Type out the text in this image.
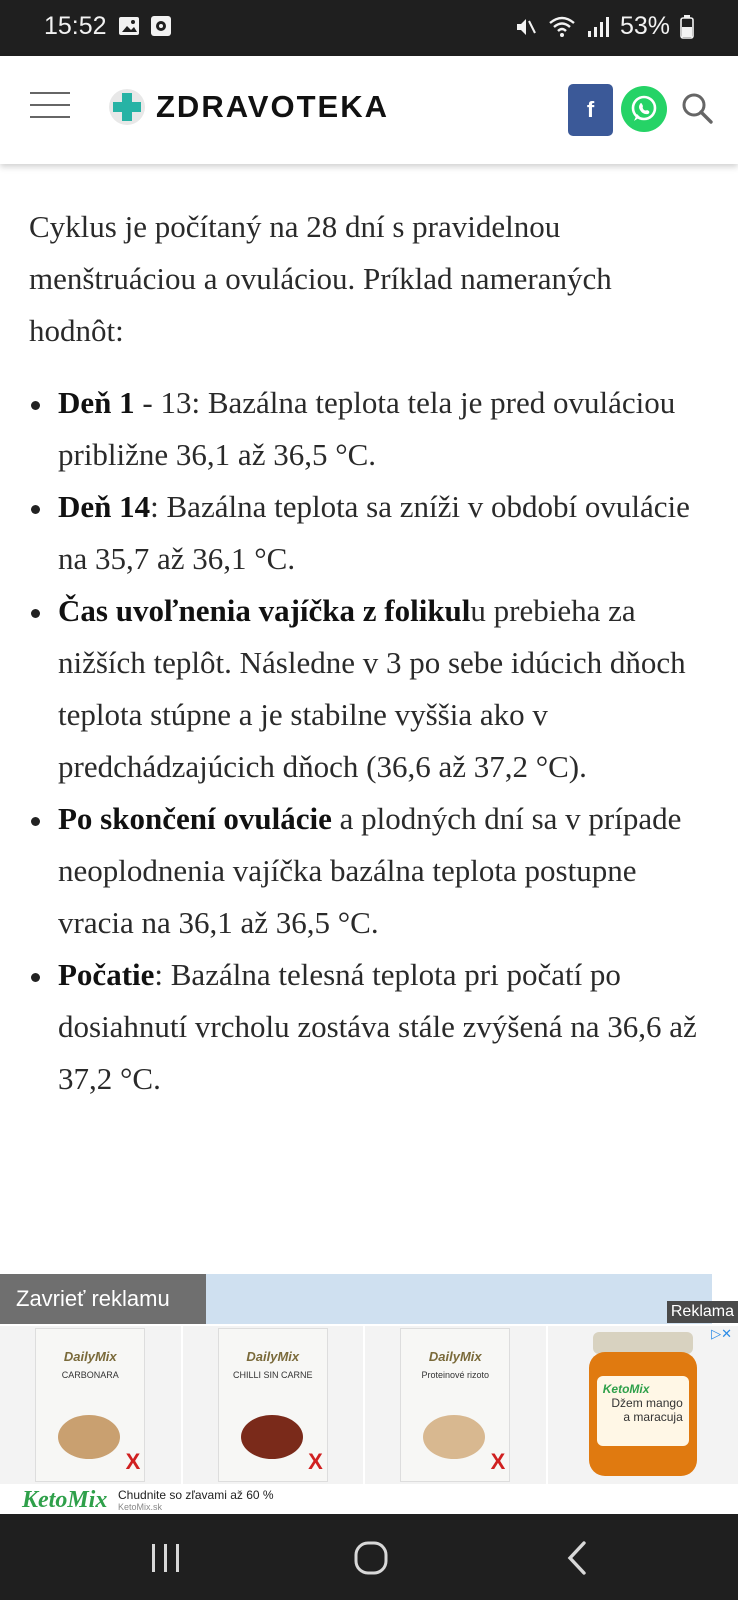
15:52	53%
ZDRAVOTEKA	f

Cyklus je počítaný na 28 dní s pravidelnou menštruáciou a ovuláciou. Príklad nameraných hodnôt:

Deň 1 - 13: Bazálna teplota tela je pred ovuláciou približne 36,1 až 36,5 °C.
Deň 14: Bazálna teplota sa zníži v období ovulácie na 35,7 až 36,1 °C.
Čas uvoľnenia vajíčka z folikulu prebieha za nižších teplôt. Následne v 3 po sebe idúcich dňoch teplota stúpne a je stabilne vyššia ako v predchádzajúcich dňoch (36,6 až 37,2 °C).
Po skončení ovulácie a plodných dní sa v prípade neoplodnenia vajíčka bazálna teplota postupne vracia na 36,1 až 36,5 °C.
Počatie: Bazálna telesná teplota pri počatí po dosiahnutí vrcholu zostáva stále zvýšená na 36,6 až 37,2 °C.
Zavrieť reklamu
Reklama
DailyMix
CARBONARA
X
DailyMix
CHILLI SIN CARNE
X
DailyMix
Proteinové rizoto
X
KetoMix
Džem mango a maracuja
▷✕
KetoMix Chudnite so zľavami až 60 %
KetoMix.sk
